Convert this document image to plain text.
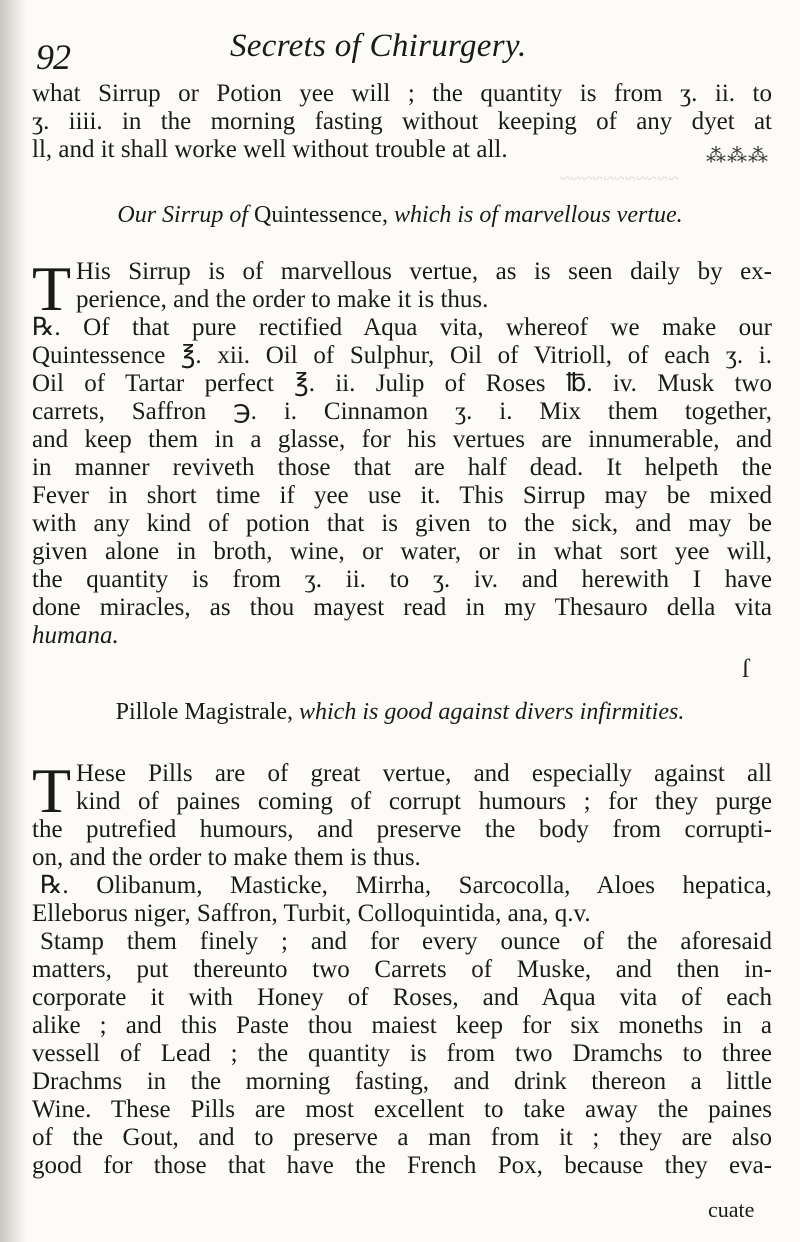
~~~~~~~~~~~

92	Secrets of Chirurgery.

what Sirrup or Potion yee will ; the quantity is from ʒ. ii. to
ʒ. iiii. in the morning fasting without keeping of any dyet at
ll, and it shall worke well without trouble at all.	⁂⁂⁂

Our Sirrup of Quintessence, which is of marvellous vertue.

T His Sirrup is of marvellous vertue, as is seen daily by ex-
perience, and the order to make it is thus.
℞. Of that pure rectified Aqua vita, whereof we make our
Quintessence ℥. xii. Oil of Sulphur, Oil of Vitrioll, of each ʒ. i.
Oil of Tartar perfect ℥. ii. Julip of Roses ℔. iv. Musk two
carrets, Saffron ℈. i. Cinnamon ʒ. i. Mix them together,
and keep them in a glasse, for his vertues are innumerable, and
in manner reviveth those that are half dead. It helpeth the
Fever in short time if yee use it. This Sirrup may be mixed
with any kind of potion that is given to the sick, and may be
given alone in broth, wine, or water, or in what sort yee will,
the quantity is from ʒ. ii. to ʒ. iv. and herewith I have
done miracles, as thou mayest read in my Thesauro della vita
humana.
ſ

Pillole Magistrale, which is good against divers infirmities.

T Hese Pills are of great vertue, and especially against all
kind of paines coming of corrupt humours ; for they purge
the putrefied humours, and preserve the body from corrupti-
on, and the order to make them is thus.
℞. Olibanum, Masticke, Mirrha, Sarcocolla, Aloes hepatica,
Elleborus niger, Saffron, Turbit, Colloquintida, ana, q.v.
Stamp them finely ; and for every ounce of the aforesaid
matters, put thereunto two Carrets of Muske, and then in-
corporate it with Honey of Roses, and Aqua vita of each
alike ; and this Paste thou maiest keep for six moneths in a
vessell of Lead ; the quantity is from two Dramchs to three
Drachms in the morning fasting, and drink thereon a little
Wine. These Pills are most excellent to take away the paines
of the Gout, and to preserve a man from it ; they are also
good for those that have the French Pox, because they eva-

cuate
